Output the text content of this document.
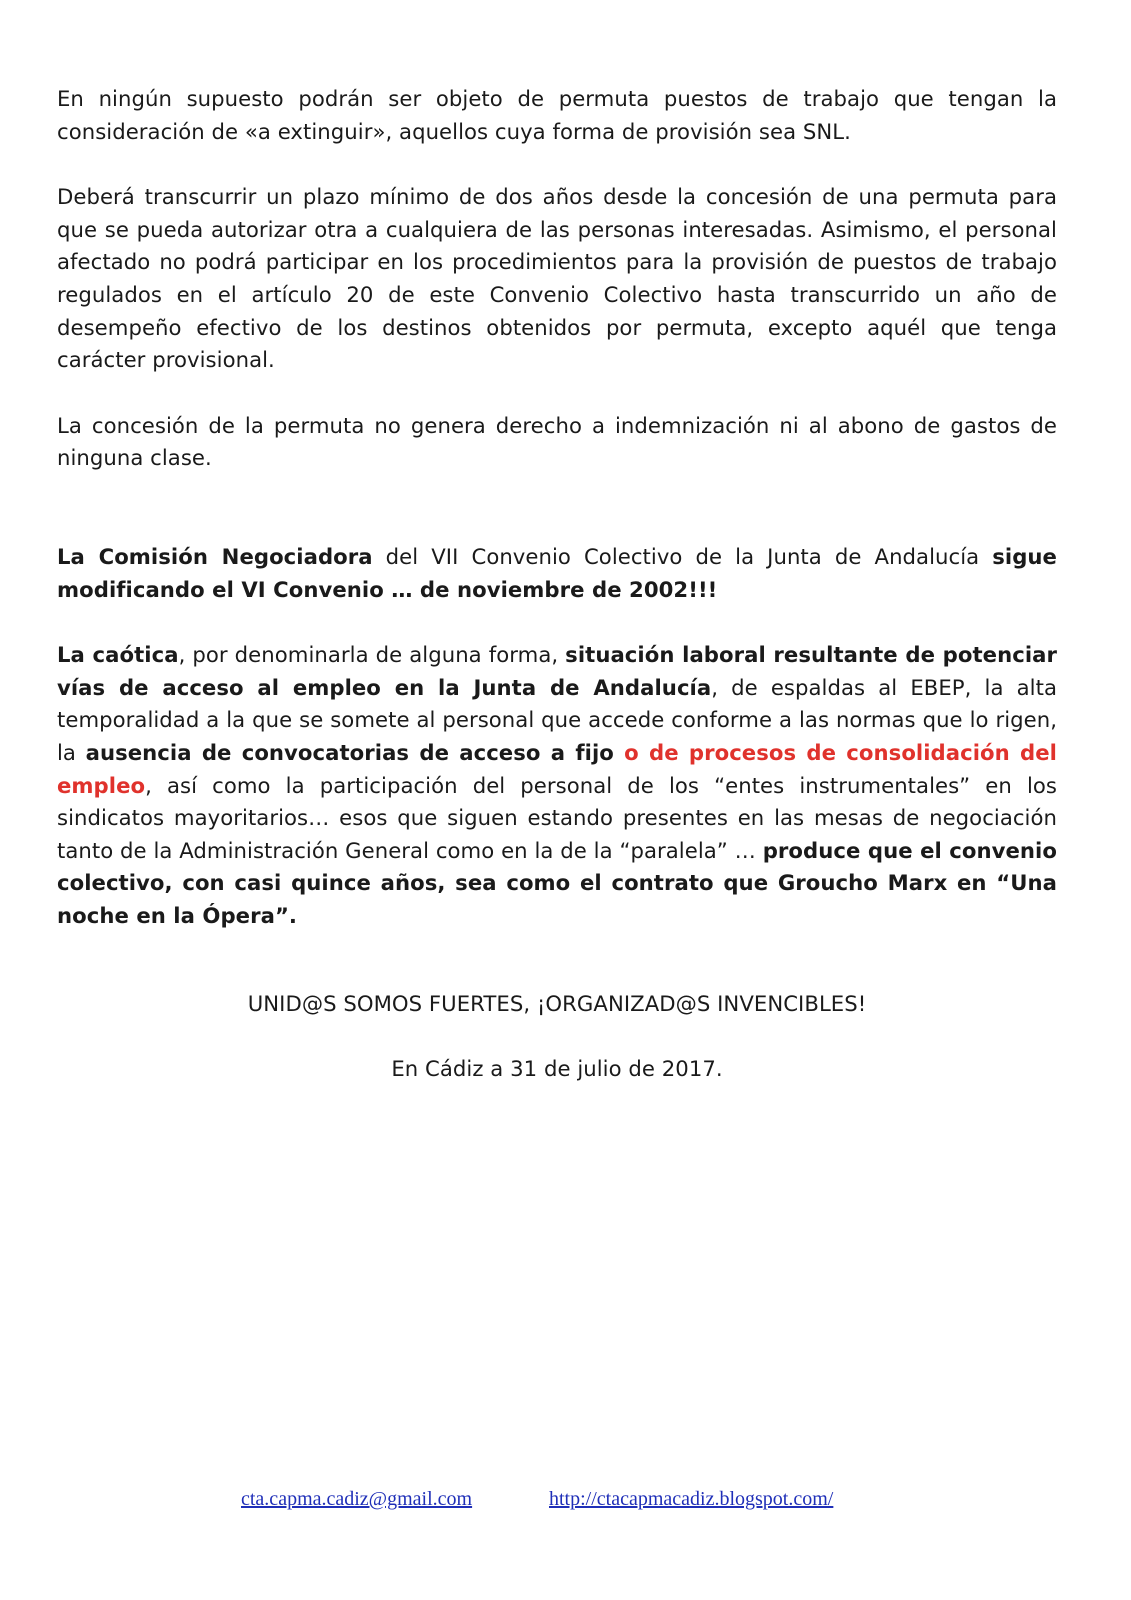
En ningún supuesto podrán ser objeto de permuta puestos de trabajo que tengan la consideración de «a extinguir», aquellos cuya forma de provisión sea SNL.

Deberá transcurrir un plazo mínimo de dos años desde la concesión de una permuta para que se pueda autorizar otra a cualquiera de las personas interesadas. Asimismo, el personal afectado no podrá participar en los procedimientos para la provisión de puestos de trabajo regulados en el artículo 20 de este Convenio Colectivo hasta transcurrido un año de desempeño efectivo de los destinos obtenidos por permuta, excepto aquél que tenga carácter provisional.

La concesión de la permuta no genera derecho a indemnización ni al abono de gastos de ninguna clase.

La Comisión Negociadora del VII Convenio Colectivo de la Junta de Andalucía sigue modificando el VI Convenio … de noviembre de 2002!!!

La caótica, por denominarla de alguna forma, situación laboral resultante de potenciar vías de acceso al empleo en la Junta de Andalucía, de espaldas al EBEP, la alta temporalidad a la que se somete al personal que accede conforme a las normas que lo rigen, la ausencia de convocatorias de acceso a fijo o de procesos de consolidación del empleo, así como la participación del personal de los “entes instrumentales” en los sindicatos mayoritarios… esos que siguen estando presentes en las mesas de negociación tanto de la Administración General como en la de la “paralela” … produce que el convenio colectivo, con casi quince años, sea como el contrato que Groucho Marx en “Una noche en la Ópera”.

UNID@S SOMOS FUERTES, ¡ORGANIZAD@S INVENCIBLES!

En Cádiz a 31 de julio de 2017.

cta.capma.cadiz@gmail.com	http://ctacapmacadiz.blogspot.com/
